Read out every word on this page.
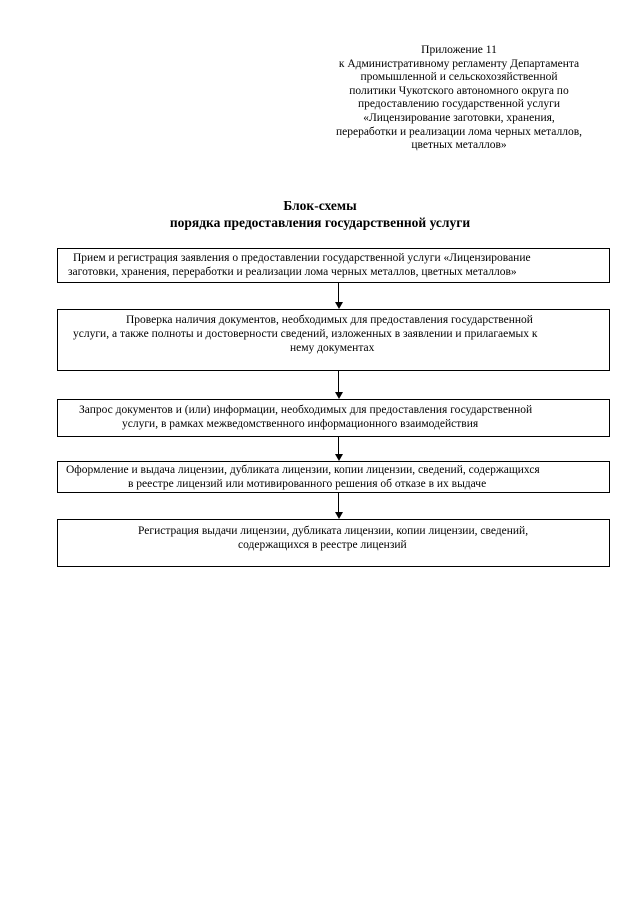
Приложение 11
к Административному регламенту Департамента
промышленной и сельскохозяйственной
политики Чукотского автономного округа по
предоставлению государственной услуги
«Лицензирование заготовки, хранения,
переработки и реализации лома черных металлов,
цветных металлов»
Блок-схемы
порядка предоставления государственной услуги
Прием и регистрация заявления о предоставлении государственной услуги «Лицензирование
заготовки, хранения, переработки и реализации лома черных металлов, цветных металлов»
Проверка наличия документов, необходимых для предоставления государственной
услуги, а также полноты и достоверности сведений, изложенных в заявлении и прилагаемых к
нему документах
Запрос документов и (или) информации, необходимых для предоставления государственной
услуги, в рамках межведомственного информационного взаимодействия
Оформление и выдача лицензии, дубликата лицензии, копии лицензии, сведений, содержащихся
в реестре лицензий или мотивированного решения об отказе в их выдаче
Регистрация выдачи лицензии, дубликата лицензии, копии лицензии, сведений,
содержащихся в реестре лицензий
